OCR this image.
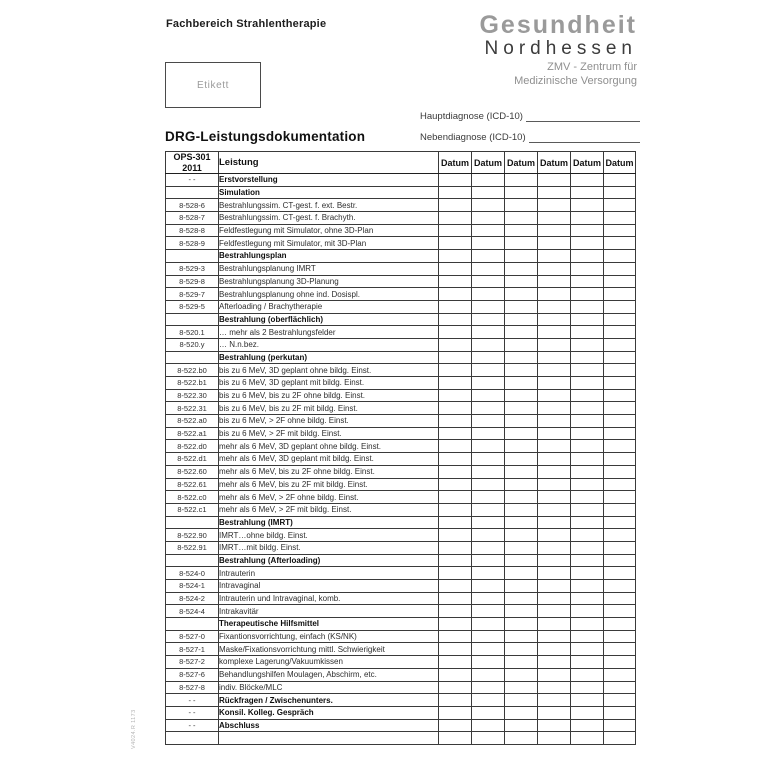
Fachbereich Strahlentherapie	Gesundheit
Nordhessen
ZMV - Zentrum für
Medizinische Versorgung
Etikett
Hauptdiagnose (ICD-10)
Nebendiagnose (ICD-10)
DRG-Leistungsdokumentation
OPS-301
2011	Leistung	Datum	Datum	Datum	Datum	Datum	Datum
- -	Erstvorstellung						
	Simulation						
8-528-6	Bestrahlungssim. CT-gest. f. ext. Bestr.						
8-528-7	Bestrahlungssim. CT-gest. f. Brachyth.						
8-528-8	Feldfestlegung mit Simulator, ohne 3D-Plan						
8-528-9	Feldfestlegung mit Simulator, mit 3D-Plan						
	Bestrahlungsplan						
8-529-3	Bestrahlungsplanung IMRT						
8-529-8	Bestrahlungsplanung 3D-Planung						
8-529-7	Bestrahlungsplanung ohne ind. Dosispl.						
8-529-5	Afterloading / Brachytherapie						
	Bestrahlung (oberflächlich)						
8-520.1	… mehr als 2 Bestrahlungsfelder						
8-520.y	… N.n.bez.						
	Bestrahlung (perkutan)						
8-522.b0	bis zu 6 MeV, 3D geplant ohne bildg. Einst.						
8-522.b1	bis zu 6 MeV, 3D geplant mit bildg. Einst.						
8-522.30	bis zu 6 MeV, bis zu 2F ohne bildg. Einst.						
8-522.31	bis zu 6 MeV, bis zu 2F mit bildg. Einst.						
8-522.a0	bis zu 6 MeV, > 2F ohne bildg. Einst.						
8-522.a1	bis zu 6 MeV, > 2F mit bildg. Einst.						
8-522.d0	mehr als 6 MeV, 3D geplant ohne bildg. Einst.						
8-522.d1	mehr als 6 MeV, 3D geplant mit bildg. Einst.						
8-522.60	mehr als 6 MeV, bis zu 2F ohne bildg. Einst.						
8-522.61	mehr als 6 MeV, bis zu 2F mit bildg. Einst.						
8-522.c0	mehr als 6 MeV, > 2F ohne bildg. Einst.						
8-522.c1	mehr als 6 MeV, > 2F mit bildg. Einst.						
	Bestrahlung (IMRT)						
8-522.90	IMRT…ohne bildg. Einst.						
8-522.91	IMRT…mit bildg. Einst.						
	Bestrahlung (Afterloading)						
8-524-0	Intrauterin						
8-524-1	Intravaginal						
8-524-2	Intrauterin und Intravaginal, komb.						
8-524-4	Intrakavitär						
	Therapeutische Hilfsmittel						
8-527-0	Fixantionsvorrichtung, einfach (KS/NK)						
8-527-1	Maske/Fixationsvorrichtung mittl. Schwierigkeit						
8-527-2	komplexe Lagerung/Vakuumkissen						
8-527-6	Behandlungshilfen Moulagen, Abschirm, etc.						
8-527-8	indiv. Blöcke/MLC						
- -	Rückfragen / Zwischenunters.						
- -	Konsil. Kolleg. Gespräch						
- -	Abschluss						

V4024.R 1173
